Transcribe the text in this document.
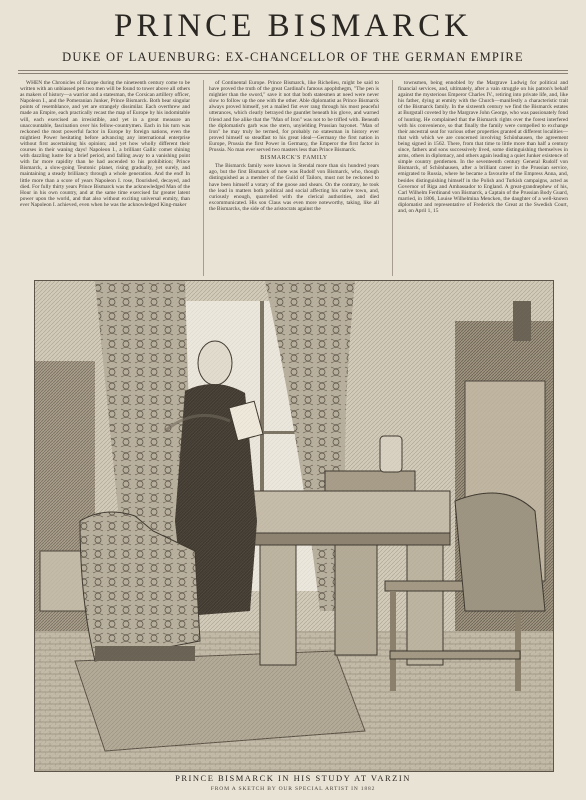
PRINCE BISMARCK
DUKE OF LAUENBURG: EX-CHANCELLOR OF THE GERMAN EMPIRE

WHEN the Chronicles of Europe during the nineteenth century come to be written with an unbiassed pen two men will be found to tower above all others as makers of history—a warrior and a statesman, the Corsican artillery officer, Napoleon I., and the Pomeranian Junker, Prince Bismarck. Both bear singular points of resemblance, and yet are strangely dissimilar. Each overthrew and made an Empire, each practically recast the map of Europe by his indomitable will, each exercised an irresistible, and yet in a great measure an unaccountable, fascination over his fellow-countrymen. Each in his turn was reckoned the most powerful factor in Europe by foreign nations, even the mightiest Power hesitating before advancing any international enterprise without first ascertaining his opinion; and yet how wholly different their courses in their waning days! Napoleon I., a brilliant Gallic comet shining with dazzling lustre for a brief period, and falling away to a vanishing point with far more rapidity than he had ascended to his prohibition; Prince Bismarck, a slow-going Teutonic planet, rising gradually, yet surely, and maintaining a steady brilliancy through a whole generation. And the end! In little more than a score of years Napoleon I. rose, flourished, decayed, and died. For fully thirty years Prince Bismarck was the acknowledged Man of the Hour in his own country, and at the same time exercised far greater latent power upon the world, and that also without exciting universal enmity, than ever Napoleon I. achieved, even when he was the acknowledged King-maker

of Continental Europe. Prince Bismarck, like Richelieu, might be said to have proved the truth of the great Cardinal's famous apophthegm, "The pen is mightier than the sword," save it not that both statesmen at need were never slow to follow up the one with the other. Able diplomatist as Prince Bismarck always proved himself, yet a mailed fist ever rang through his most peaceful utterances, which clearly betrayed the gauntlet beneath his glove, and warned friend and foe alike that the "Man of Iron" was not to be trifled with. Beneath the diplomatist's garb was the stern, unyielding Prussian bayonet. "Man of Iron" he may truly be termed, for probably no statesman in history ever proved himself so steadfast to his great ideal—Germany the first nation in Europe, Prussia the first Power in Germany, the Emperor the first factor in Prussia. No man ever served two masters less than Prince Bismarck.

BISMARCK'S FAMILY

The Bismarck family were known in Stendal more than six hundred years ago, but the first Bismarck of note was Rudolf von Bismarck, who, though distinguished as a member of the Guild of Tailors, must not be reckoned to have been himself a votary of the goose and shears. On the contrary, he took the lead in matters both political and social affecting his native town, and, curiously enough, quarrelled with the clerical authorities, and died excommunicated. His son Claus was even more noteworthy, taking, like all the Bismarcks, the side of the aristocrats against the

townsmen, being ennobled by the Margrave Ludwig for political and financial services, and, ultimately, after a vain struggle on his patron's behalf against the mysterious Emperor Charles IV., retiring into private life, and, like his father, dying at enmity with the Church—manifestly a characteristic trait of the Bismarck family. In the sixteenth century we find the Bismarck estates at Burgstall coveted by the Margrave John George, who was passionately fond of hunting. He complained that the Bismarck rights over the forest interfered with his convenience, so that finally the family were compelled to exchange their ancestral seat for various other properties granted at different localities—that with which we are concerned involving Schönhausen, the agreement being signed in 1562. There, from that time to little more than half a century since, fathers and sons successively lived, some distinguishing themselves in arms, others in diplomacy, and others again leading a quiet Junker existence of simple country gentlemen. In the seventeenth century General Rudolf von Bismarck, of Schönhausen, after a brilliant career in the Prussian service, emigrated to Russia, where he became a favourite of the Empress Anna, and, besides distinguishing himself in the Polish and Turkish campaigns, acted as Governor of Riga and Ambassador to England. A great-grandnephew of his, Carl Wilhelm Ferdinand von Bismarck, a Captain of the Prussian Body Guard, married, in 1806, Louise Wilhelmina Mencken, the daughter of a well-known diplomatist and representative of Frederick the Great at the Swedish Court, and, on April 1, 15

PRINCE BISMARCK IN HIS STUDY AT VARZIN
FROM A SKETCH BY OUR SPECIAL ARTIST IN 1882
